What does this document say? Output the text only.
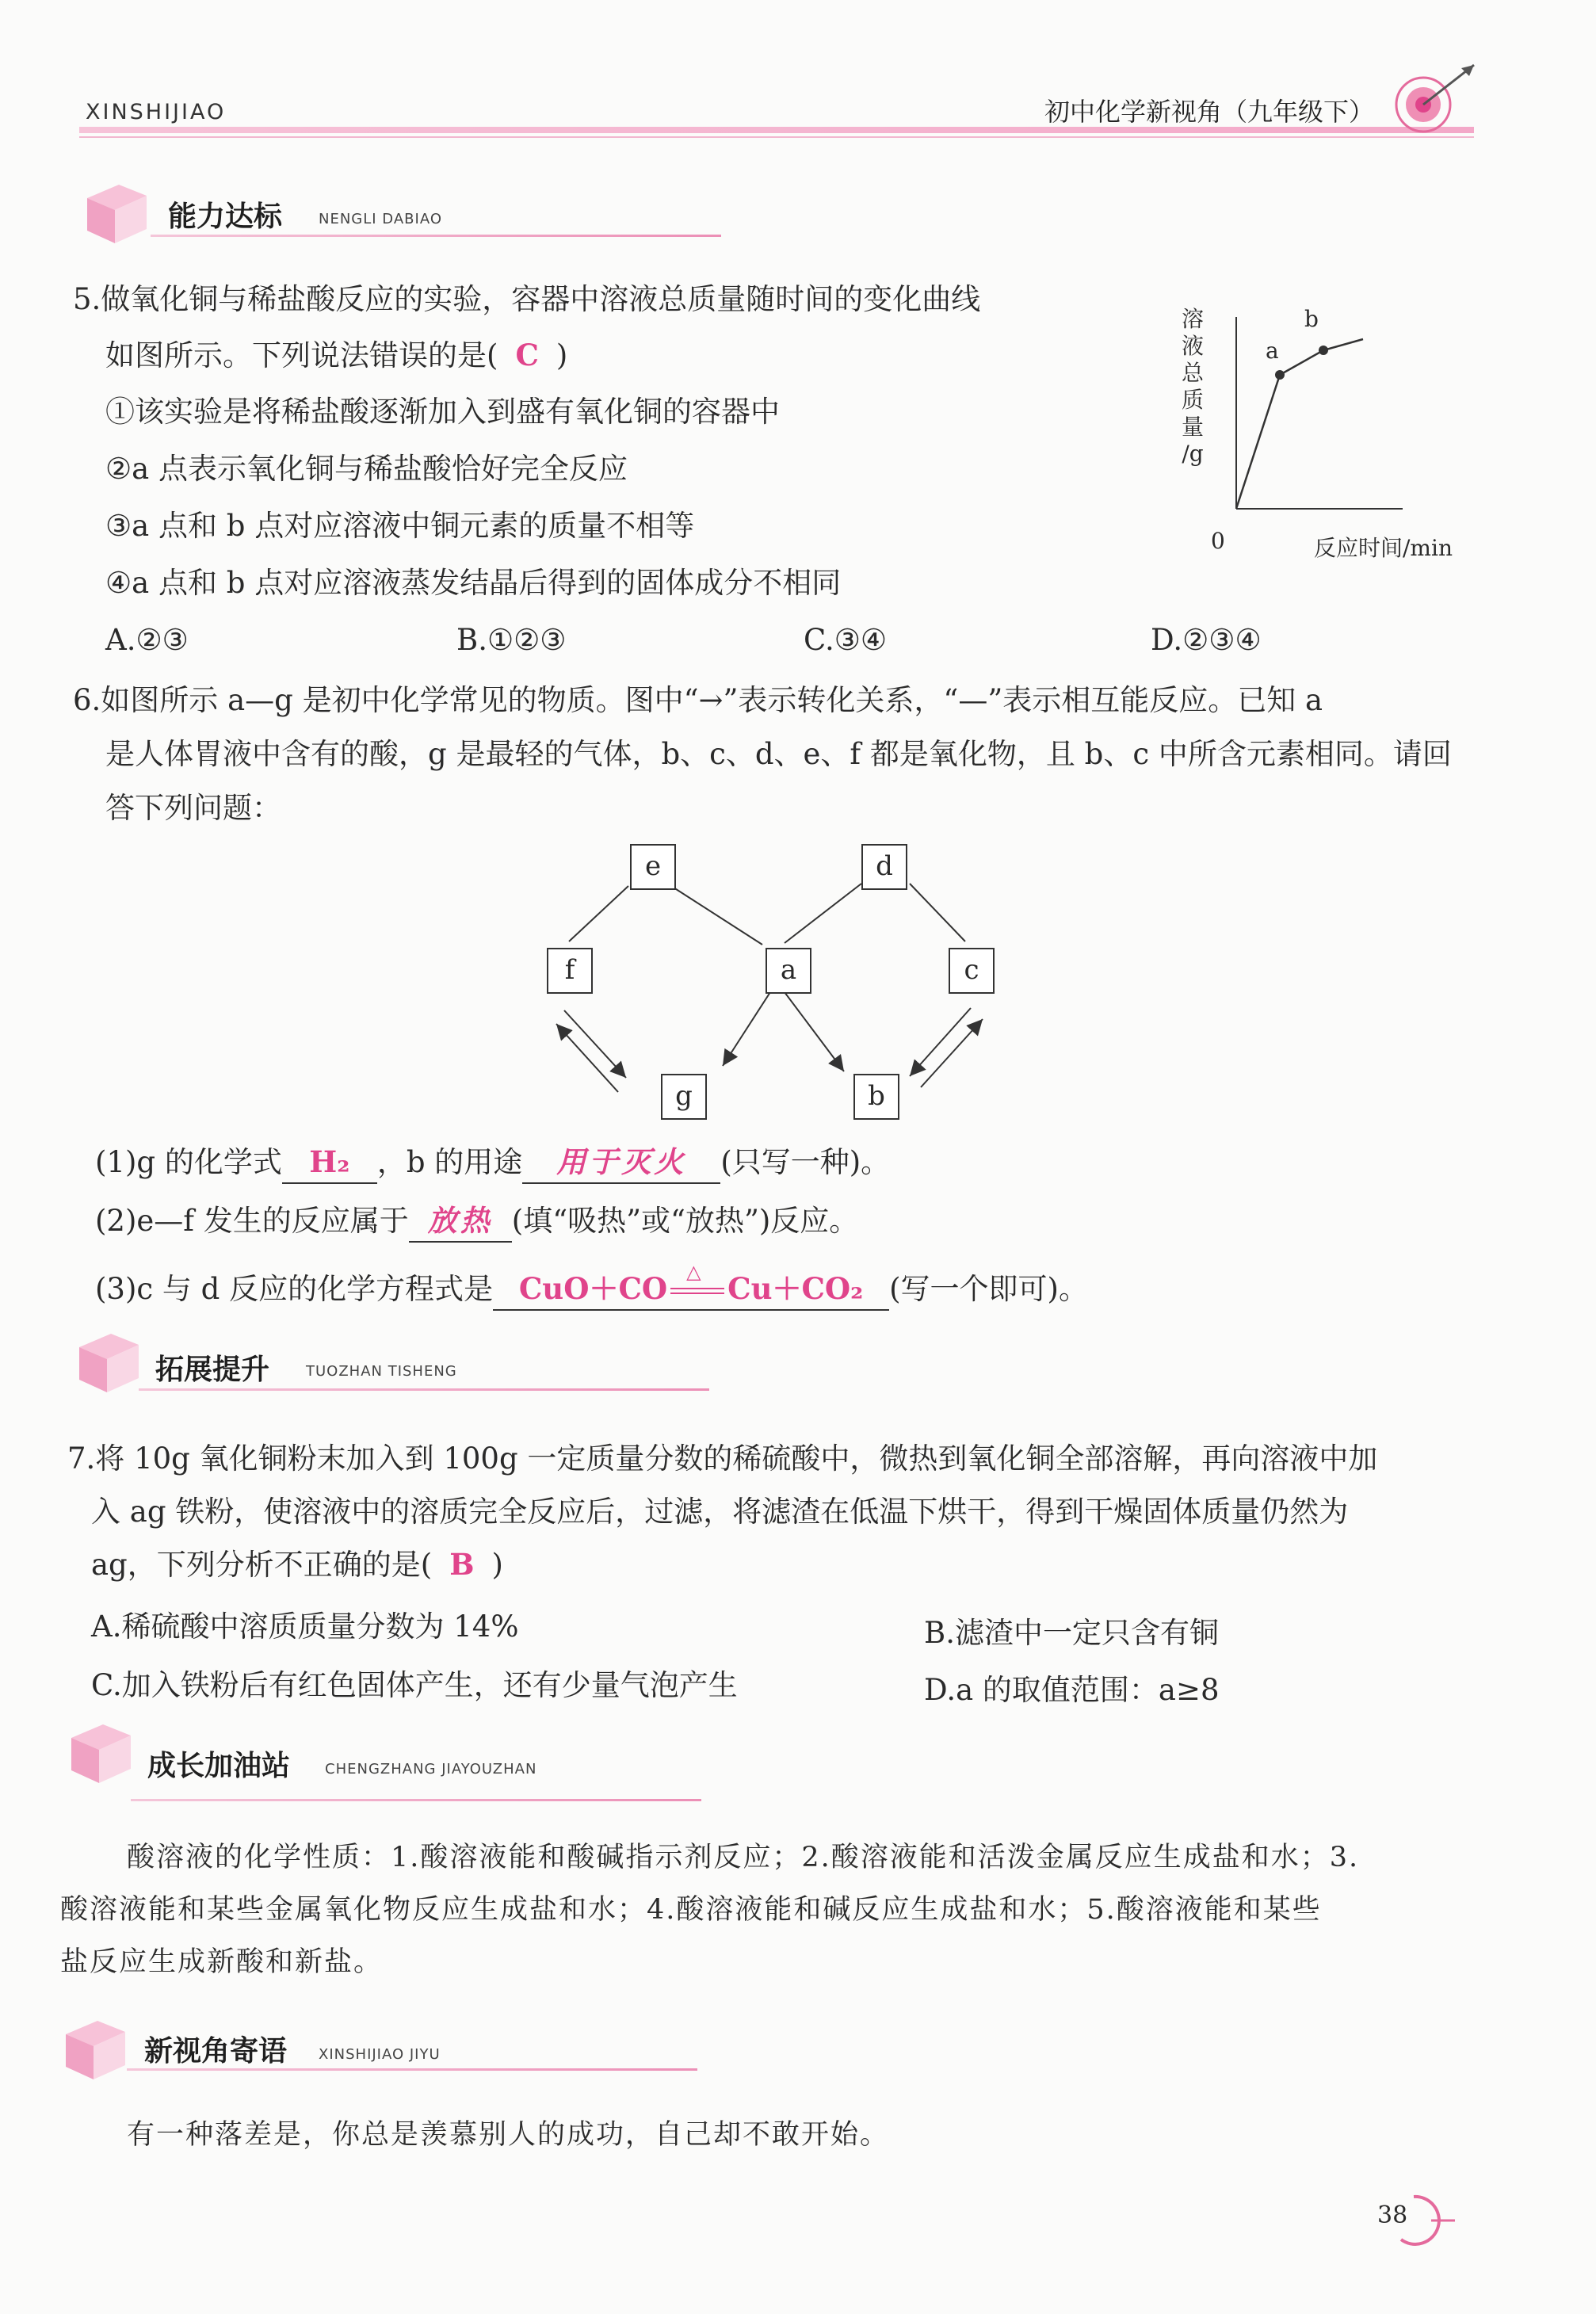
XINSHIJIAO	初中化学新视角（九年级下）
能力达标	NENGLI DABIAO
5.做氧化铜与稀盐酸反应的实验，容器中溶液总质量随时间的变化曲线
如图所示。下列说法错误的是( C )
①该实验是将稀盐酸逐渐加入到盛有氧化铜的容器中
②a 点表示氧化铜与稀盐酸恰好完全反应
③a 点和 b 点对应溶液中铜元素的质量不相等
④a 点和 b 点对应溶液蒸发结晶后得到的固体成分不相同
A.②③	B.①②③	C.③④	D.②③④
溶
液
总
质
量
/g
a
b
0	反应时间/min
6.如图所示 a—g 是初中化学常见的物质。图中“→”表示转化关系，“—”表示相互能反应。已知 a
是人体胃液中含有的酸，g 是最轻的气体，b、c、d、e、f 都是氧化物，且 b、c 中所含元素相同。请回
答下列问题：
e	d
f	a	c
g	b
(1)g 的化学式 H₂ ，b 的用途 用于灭火 (只写一种)。
(2)e—f 发生的反应属于 放热 (填“吸热”或“放热”)反应。
(3)c 与 d 反应的化学方程式是 CuO＋CO △ Cu＋CO₂ (写一个即可)。
拓展提升	TUOZHAN TISHENG
7.将 10g 氧化铜粉末加入到 100g 一定质量分数的稀硫酸中，微热到氧化铜全部溶解，再向溶液中加
入 ag 铁粉，使溶液中的溶质完全反应后，过滤，将滤渣在低温下烘干，得到干燥固体质量仍然为
ag，下列分析不正确的是( B )
A.稀硫酸中溶质质量分数为 14%	B.滤渣中一定只含有铜
C.加入铁粉后有红色固体产生，还有少量气泡产生	D.a 的取值范围：a≥8
成长加油站 CHENGZHANG JIAYOUZHAN
酸溶液的化学性质：1.酸溶液能和酸碱指示剂反应；2.酸溶液能和活泼金属反应生成盐和水；3.
酸溶液能和某些金属氧化物反应生成盐和水；4.酸溶液能和碱反应生成盐和水；5.酸溶液能和某些
盐反应生成新酸和新盐。
新视角寄语 XINSHIJIAO JIYU
有一种落差是，你总是羡慕别人的成功，自己却不敢开始。
38
